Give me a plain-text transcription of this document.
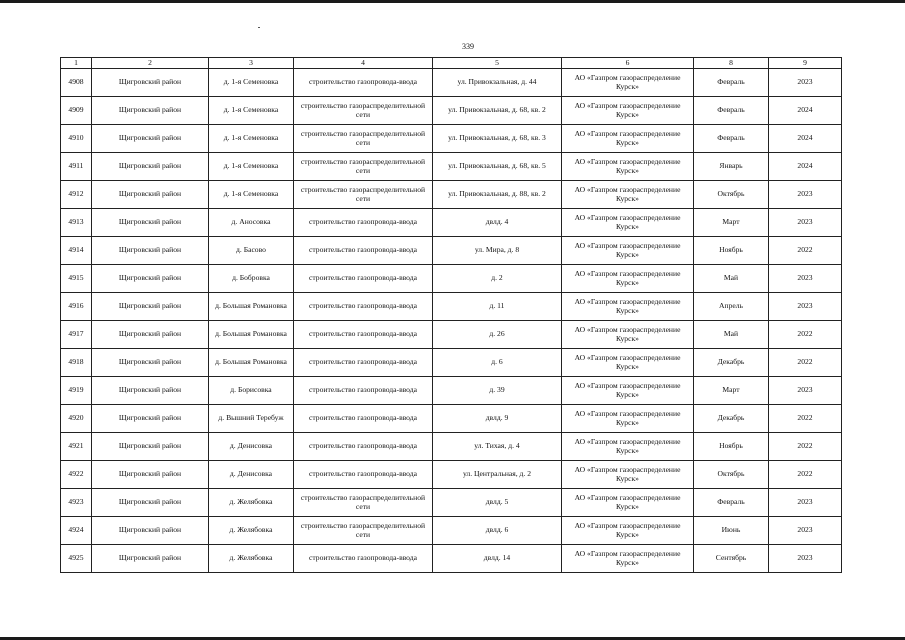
339
1	2	3	4	5	6	8	9
4908	Щигровский район	д. 1-я Семеновка	строительство газопровода-ввода	ул. Привокзальная, д. 44	АО «Газпром газораспределение Курск»	Февраль	2023
4909	Щигровский район	д. 1-я Семеновка	строительство газораспределительной сети	ул. Привокзальная, д. 68, кв. 2	АО «Газпром газораспределение Курск»	Февраль	2024
4910	Щигровский район	д. 1-я Семеновка	строительство газораспределительной сети	ул. Привокзальная, д. 68, кв. 3	АО «Газпром газораспределение Курск»	Февраль	2024
4911	Щигровский район	д. 1-я Семеновка	строительство газораспределительной сети	ул. Привокзальная, д. 68, кв. 5	АО «Газпром газораспределение Курск»	Январь	2024
4912	Щигровский район	д. 1-я Семеновка	строительство газораспределительной сети	ул. Привокзальная, д. 88, кв. 2	АО «Газпром газораспределение Курск»	Октябрь	2023
4913	Щигровский район	д. Аносовка	строительство газопровода-ввода	двлд. 4	АО «Газпром газораспределение Курск»	Март	2023
4914	Щигровский район	д. Басово	строительство газопровода-ввода	ул. Мира, д. 8	АО «Газпром газораспределение Курск»	Ноябрь	2022
4915	Щигровский район	д. Бобровка	строительство газопровода-ввода	д. 2	АО «Газпром газораспределение Курск»	Май	2023
4916	Щигровский район	д. Большая Романовка	строительство газопровода-ввода	д. 11	АО «Газпром газораспределение Курск»	Апрель	2023
4917	Щигровский район	д. Большая Романовка	строительство газопровода-ввода	д. 26	АО «Газпром газораспределение Курск»	Май	2022
4918	Щигровский район	д. Большая Романовка	строительство газопровода-ввода	д. 6	АО «Газпром газораспределение Курск»	Декабрь	2022
4919	Щигровский район	д. Борисовка	строительство газопровода-ввода	д. 39	АО «Газпром газораспределение Курск»	Март	2023
4920	Щигровский район	д. Вышний Теребуж	строительство газопровода-ввода	двлд. 9	АО «Газпром газораспределение Курск»	Декабрь	2022
4921	Щигровский район	д. Денисовка	строительство газопровода-ввода	ул. Тихая, д. 4	АО «Газпром газораспределение Курск»	Ноябрь	2022
4922	Щигровский район	д. Денисовка	строительство газопровода-ввода	ул. Центральная, д. 2	АО «Газпром газораспределение Курск»	Октябрь	2022
4923	Щигровский район	д. Желябовка	строительство газораспределительной сети	двлд. 5	АО «Газпром газораспределение Курск»	Февраль	2023
4924	Щигровский район	д. Желябовка	строительство газораспределительной сети	двлд. 6	АО «Газпром газораспределение Курск»	Июнь	2023
4925	Щигровский район	д. Желябовка	строительство газопровода-ввода	двлд. 14	АО «Газпром газораспределение Курск»	Сентябрь	2023
